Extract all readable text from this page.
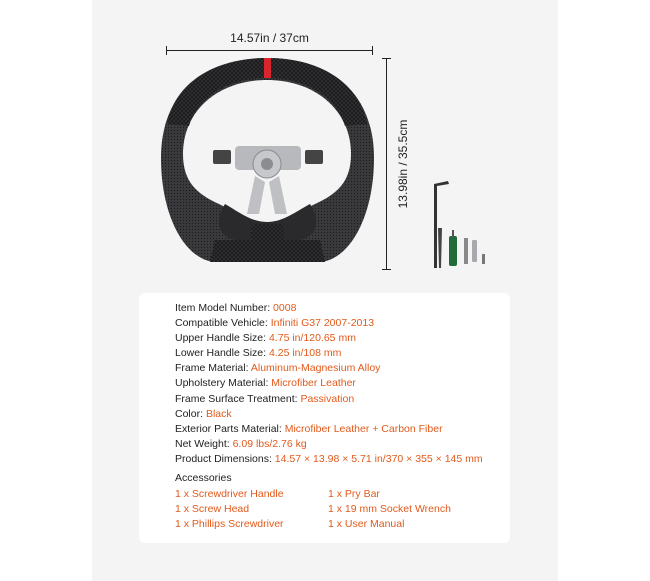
14.57in / 37cm
13.98in / 35.5cm
Item Model Number: 0008
Compatible Vehicle: Infiniti G37 2007-2013
Upper Handle Size: 4.75 in/120.65 mm
Lower Handle Size: 4.25 in/108 mm
Frame Material: Aluminum-Magnesium Alloy
Upholstery Material: Microfiber Leather
Frame Surface Treatment: Passivation
Color: Black
Exterior Parts Material: Microfiber Leather + Carbon Fiber
Net Weight: 6.09 lbs/2.76 kg
Product Dimensions: 14.57 × 13.98 × 5.71 in/370 × 355 × 145 mm
Accessories
1 x Screwdriver Handle
1 x Screw Head
1 x Phillips Screwdriver
1 x Pry Bar
1 x 19 mm Socket Wrench
1 x User Manual
